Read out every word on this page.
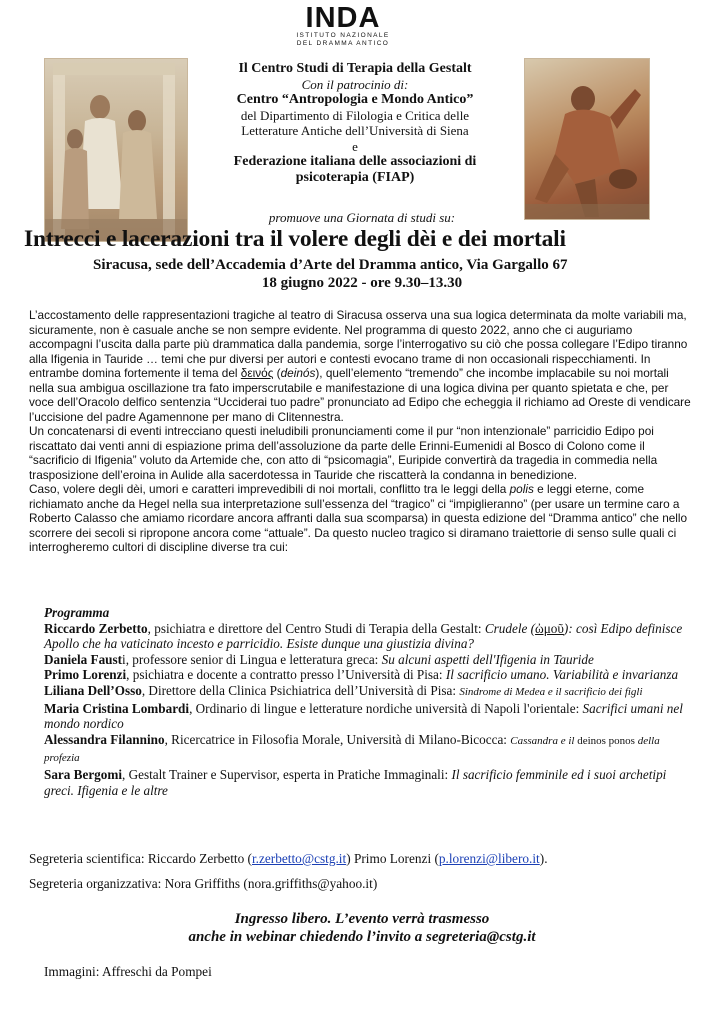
INDA
ISTITUTO NAZIONALE
DEL DRAMMA ANTICO
Il Centro Studi di Terapia della Gestalt
Con il patrocinio di:
Centro “Antropologia e Mondo Antico”
del Dipartimento di Filologia e Critica delle
Letterature Antiche dell’Università di Siena
e
Federazione italiana delle associazioni di
psicoterapia (FIAP)
promuove una Giornata di studi su:
Intrecci e lacerazioni tra il volere degli dèi e dei mortali
Siracusa, sede dell’Accademia d’Arte del Dramma antico, Via Gargallo 67
18 giugno 2022 - ore 9.30–13.30

L’accostamento delle rappresentazioni tragiche al teatro di Siracusa osserva una sua logica determinata da molte variabili ma, sicuramente, non è casuale anche se non sempre evidente. Nel programma di questo 2022, anno che ci auguriamo accompagni l’uscita dalla parte più drammatica dalla pandemia, sorge l’interrogativo su ciò che possa collegare l’Edipo tiranno alla Ifigenia in Tauride … temi che pur diversi per autori e contesti evocano trame di non occasionali rispecchiamenti. In entrambe domina fortemente il tema del δεινός (deinós), quell’elemento “tremendo” che incombe implacabile su noi mortali nella sua ambigua oscillazione tra fato imperscrutabile e manifestazione di una logica divina per quanto spietata e che, per voce dell’Oracolo delfico sentenzia “Ucciderai tuo padre” pronunciato ad Edipo che echeggia il richiamo ad Oreste di vendicare l’uccisione del padre Agamennone per mano di Clitennestra.

Un concatenarsi di eventi intrecciano questi ineludibili pronunciamenti come il pur “non intenzionale” parricidio Edipo poi riscattato dai venti anni di espiazione prima dell’assoluzione da parte delle Erinni-Eumenidi al Bosco di Colono come il “sacrificio di Ifigenia” voluto da Artemide che, con atto di “psicomagia”, Euripide convertirà da tragedia in commedia nella trasposizione dell’eroina in Aulide alla sacerdotessa in Tauride che riscatterà la condanna in benedizione.

Caso, volere degli dèi, umori e caratteri imprevedibili di noi mortali, conflitto tra le leggi della polis e leggi eterne, come richiamato anche da Hegel nella sua interpretazione sull’essenza del “tragico” ci “impiglieranno” (per usare un termine caro a Roberto Calasso che amiamo ricordare ancora affranti dalla sua scomparsa) in questa edizione del “Dramma antico” che nello scorrere dei secoli si ripropone ancora come “attuale”. Da questo nucleo tragico si diramano traiettorie di senso sulle quali ci interrogheremo cultori di discipline diverse tra cui:

Programma
Riccardo Zerbetto, psichiatra e direttore del Centro Studi di Terapia della Gestalt: Crudele (ὠμοῦ): così Edipo definisce Apollo che ha vaticinato incesto e parricidio. Esiste dunque una giustizia divina?
Daniela Fausti, professore senior di Lingua e letteratura greca: Su alcuni aspetti dell'Ifigenia in Tauride
Primo Lorenzi, psichiatra e docente a contratto presso l’Università di Pisa: Il sacrificio umano. Variabilità e invarianza
Liliana Dell’Osso, Direttore della Clinica Psichiatrica dell’Università di Pisa: Sindrome di Medea e il sacrificio dei figli
Maria Cristina Lombardi, Ordinario di lingue e letterature nordiche università di Napoli l'orientale: Sacrifici umani nel mondo nordico
Alessandra Filannino, Ricercatrice in Filosofia Morale, Università di Milano-Bicocca: Cassandra e il deinos ponos della profezia
Sara Bergomi, Gestalt Trainer e Supervisor, esperta in Pratiche Immaginali: Il sacrificio femminile ed i suoi archetipi greci. Ifigenia e le altre
Segreteria scientifica: Riccardo Zerbetto (r.zerbetto@cstg.it) Primo Lorenzi (p.lorenzi@libero.it).
Segreteria organizzativa: Nora Griffiths (nora.griffiths@yahoo.it)
Ingresso libero. L’evento verrà trasmesso
anche in webinar chiedendo l’invito a segreteria@cstg.it
Immagini: Affreschi da Pompei
